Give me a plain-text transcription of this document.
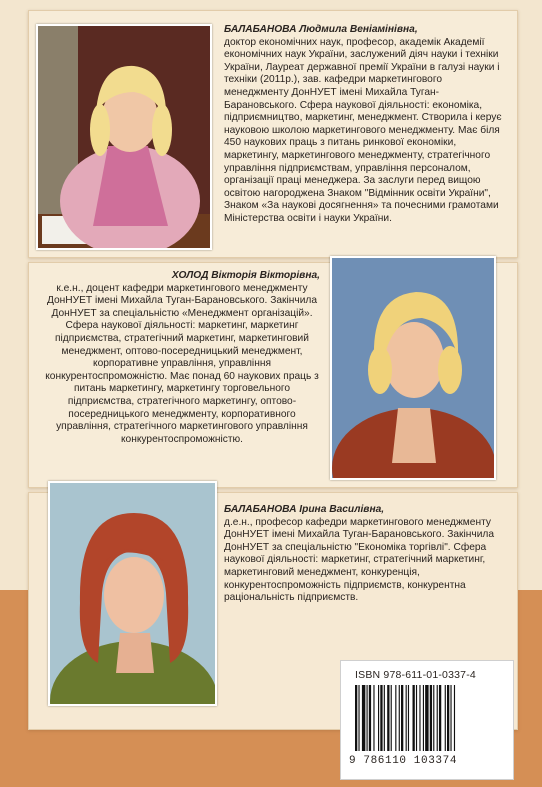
БАЛАБАНОВА Людмила Веніамінівна,

доктор економічних наук, професор, академік Академії економічних наук України, заслужений діяч науки і техніки України, Лауреат державної премії України в галузі науки і техніки (2011р.), зав. кафедри маркетингового менеджменту ДонНУЕТ імені Михайла Туган-Барановського. Сфера наукової діяльності: економіка, підприємництво, маркетинг, менеджмент. Створила і керує науковою школою маркетингового менеджменту. Має біля 450 наукових праць з питань ринкової економіки, маркетингу, маркетингового менеджменту, стратегічного управління підприємствам, управління персоналом, організації праці менеджера. За заслуги перед вищою освітою нагороджена Знаком "Відмінник освіти України", Знаком «За наукові досягнення» та почесними грамотами Міністерства освіти і науки України.

ХОЛОД Вікторія Вікторівна,

к.е.н., доцент кафедри маркетингового менеджменту ДонНУЕТ імені Михайла Туган-Барановського. Закінчила ДонНУЕТ за спеціальністю «Менеджмент організацій». Сфера наукової діяльності: маркетинг, маркетинг підприємства, стратегічний маркетинг, маркетинговий менеджмент, оптово-посередницький менеджмент, корпоративне управління, управління конкурентоспроможністю. Має понад 60 наукових праць з питань маркетингу, маркетингу торговельного підприємства, стратегічного маркетингу, оптово-посередницького менеджменту, корпоративного управління, стратегічного маркетингового управління конкурентоспроможністю.

БАЛАБАНОВА Ірина Василівна,

д.е.н., професор кафедри маркетингового менеджменту ДонНУЕТ імені Михайла Туган-Барановського. Закінчила ДонНУЕТ за спеціальністю "Економіка торгівлі". Сфера наукової діяльності: маркетинг, стратегічний маркетинг, маркетинговий менеджмент, конкуренція, конкурентоспроможність підприємств, конкурентна раціональність підприємств.

ISBN 978-611-01-0337-4
9 786110 103374
